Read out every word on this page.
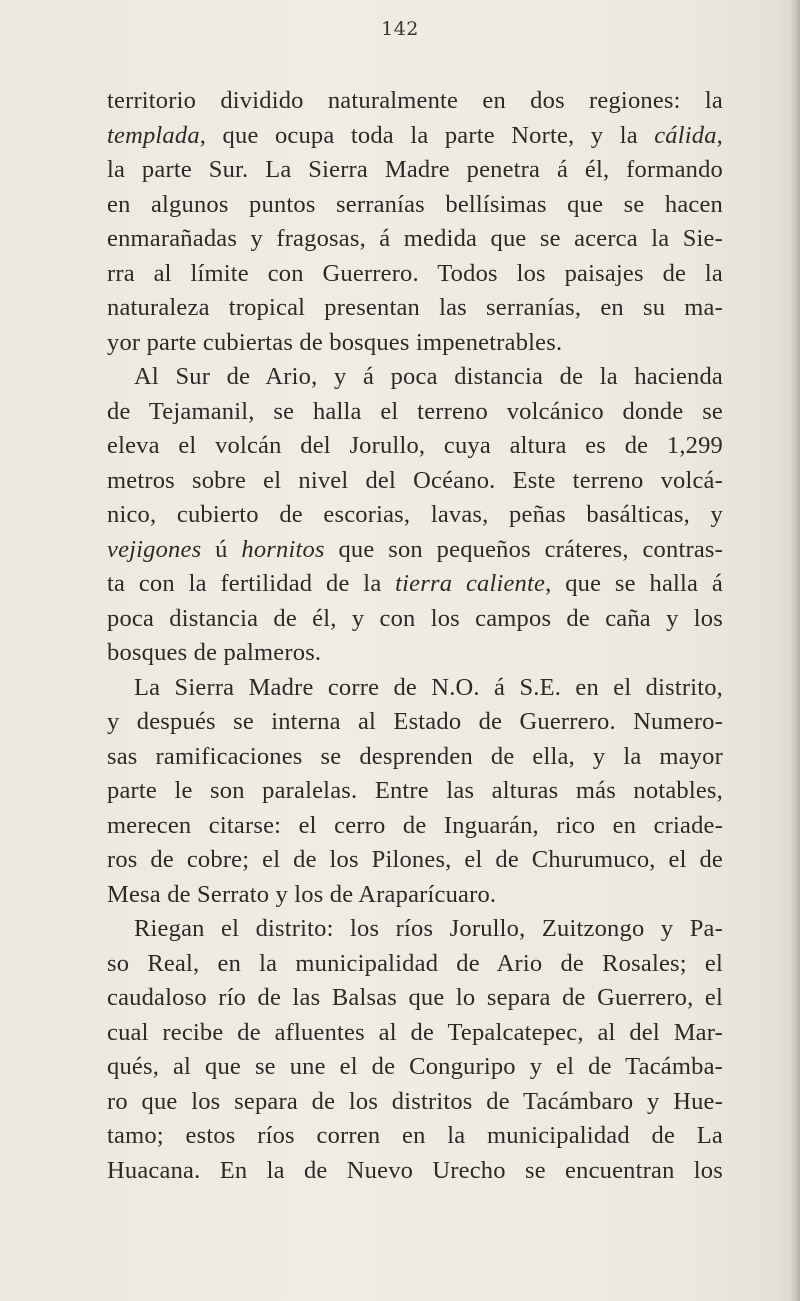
142
territorio dividido naturalmente en dos regiones: la
templada, que ocupa toda la parte Norte, y la cálida,
la parte Sur. La Sierra Madre penetra á él, formando
en algunos puntos serranías bellísimas que se hacen
enmarañadas y fragosas, á medida que se acerca la Sie-
rra al límite con Guerrero. Todos los paisajes de la
naturaleza tropical presentan las serranías, en su ma-
yor parte cubiertas de bosques impenetrables.
Al Sur de Ario, y á poca distancia de la hacienda
de Tejamanil, se halla el terreno volcánico donde se
eleva el volcán del Jorullo, cuya altura es de 1,299
metros sobre el nivel del Océano. Este terreno volcá-
nico, cubierto de escorias, lavas, peñas basálticas, y
vejigones ú hornitos que son pequeños cráteres, contras-
ta con la fertilidad de la tierra caliente, que se halla á
poca distancia de él, y con los campos de caña y los
bosques de palmeros.
La Sierra Madre corre de N.O. á S.E. en el distrito,
y después se interna al Estado de Guerrero. Numero-
sas ramificaciones se desprenden de ella, y la mayor
parte le son paralelas. Entre las alturas más notables,
merecen citarse: el cerro de Inguarán, rico en criade-
ros de cobre; el de los Pilones, el de Churumuco, el de
Mesa de Serrato y los de Araparícuaro.
Riegan el distrito: los ríos Jorullo, Zuitzongo y Pa-
so Real, en la municipalidad de Ario de Rosales; el
caudaloso río de las Balsas que lo separa de Guerrero, el
cual recibe de afluentes al de Tepalcatepec, al del Mar-
qués, al que se une el de Conguripo y el de Tacámba-
ro que los separa de los distritos de Tacámbaro y Hue-
tamo; estos ríos corren en la municipalidad de La
Huacana. En la de Nuevo Urecho se encuentran los
